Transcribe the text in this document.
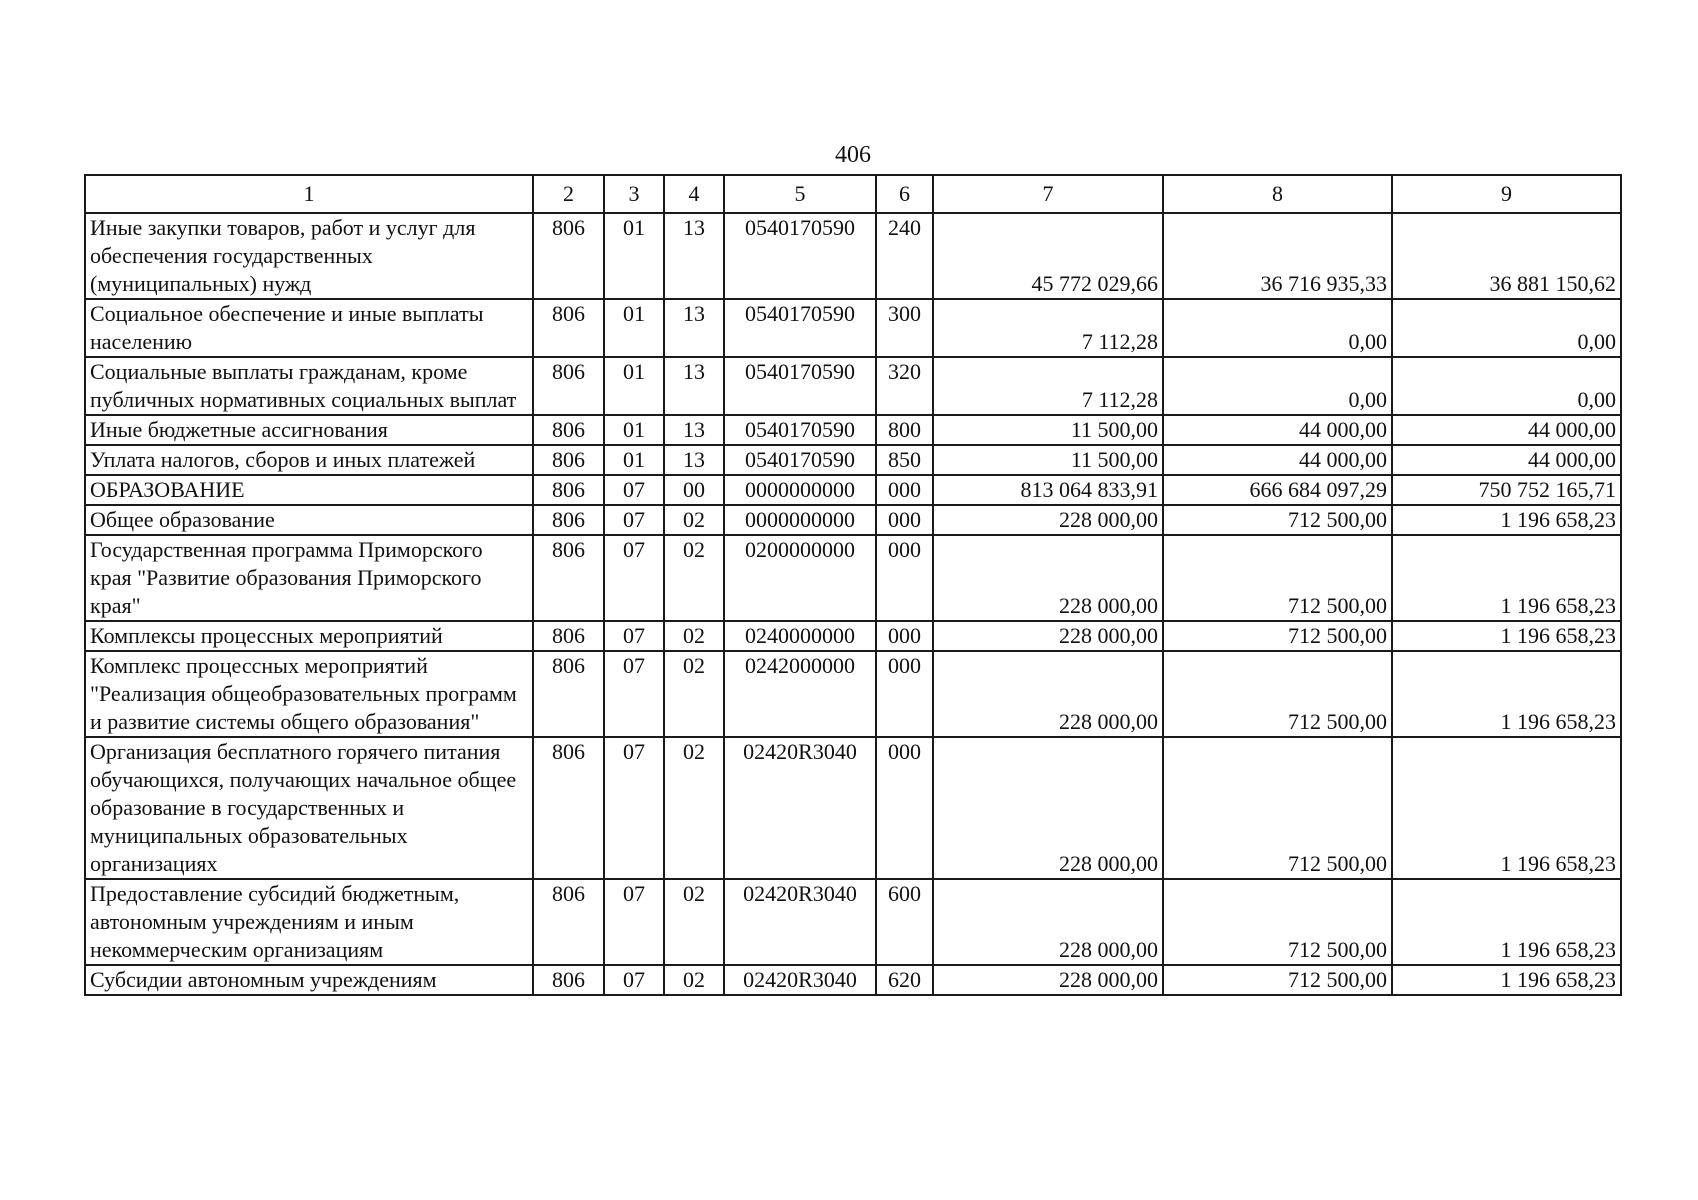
406
1	2	3	4	5	6	7	8	9
Иные закупки товаров, работ и услуг для обеспечения государственных (муниципальных) нужд	806	01	13	0540170590	240	45 772 029,66	36 716 935,33	36 881 150,62
Социальное обеспечение и иные выплаты населению	806	01	13	0540170590	300	7 112,28	0,00	0,00
Социальные выплаты гражданам, кроме публичных нормативных социальных выплат	806	01	13	0540170590	320	7 112,28	0,00	0,00
Иные бюджетные ассигнования	806	01	13	0540170590	800	11 500,00	44 000,00	44 000,00
Уплата налогов, сборов и иных платежей	806	01	13	0540170590	850	11 500,00	44 000,00	44 000,00
ОБРАЗОВАНИЕ	806	07	00	0000000000	000	813 064 833,91	666 684 097,29	750 752 165,71
Общее образование	806	07	02	0000000000	000	228 000,00	712 500,00	1 196 658,23
Государственная программа Приморского края "Развитие образования Приморского края"	806	07	02	0200000000	000	228 000,00	712 500,00	1 196 658,23
Комплексы процессных мероприятий	806	07	02	0240000000	000	228 000,00	712 500,00	1 196 658,23
Комплекс процессных мероприятий "Реализация общеобразовательных программ и развитие системы общего образования"	806	07	02	0242000000	000	228 000,00	712 500,00	1 196 658,23
Организация бесплатного горячего питания обучающихся, получающих начальное общее образование в государственных и муниципальных образовательных организациях	806	07	02	02420R3040	000	228 000,00	712 500,00	1 196 658,23
Предоставление субсидий бюджетным, автономным учреждениям и иным некоммерческим организациям	806	07	02	02420R3040	600	228 000,00	712 500,00	1 196 658,23
Субсидии автономным учреждениям	806	07	02	02420R3040	620	228 000,00	712 500,00	1 196 658,23
